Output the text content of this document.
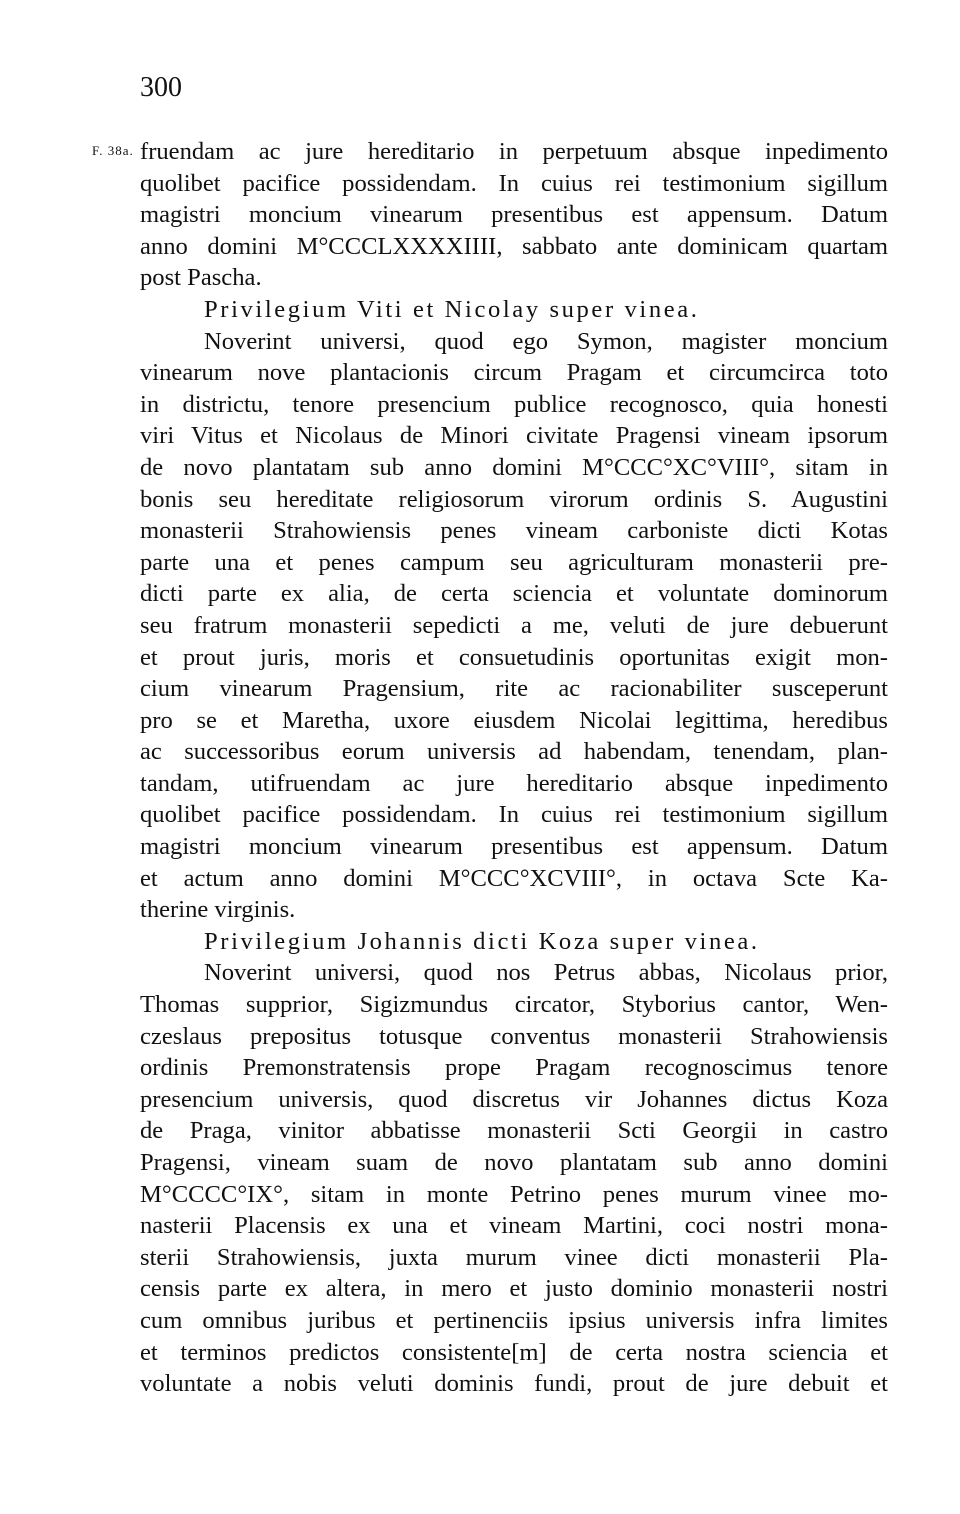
300
F. 38a. fruendam ac jure hereditario in perpetuum absque inpedimento
quolibet pacifice possidendam. In cuius rei testimonium sigillum
magistri moncium vinearum presentibus est appensum. Datum
anno domini M°CCCLXXXXIIII, sabbato ante dominicam quartam
post Pascha.
Privilegium Viti et Nicolay super vinea.
Noverint universi, quod ego Symon, magister moncium
vinearum nove plantacionis circum Pragam et circumcirca toto
in districtu, tenore presencium publice recognosco, quia honesti
viri Vitus et Nicolaus de Minori civitate Pragensi vineam ipsorum
de novo plantatam sub anno domini M°CCC°XC°VIII°, sitam in
bonis seu hereditate religiosorum virorum ordinis S. Augustini
monasterii Strahowiensis penes vineam carboniste dicti Kotas
parte una et penes campum seu agriculturam monasterii pre-
dicti parte ex alia, de certa sciencia et voluntate dominorum
seu fratrum monasterii sepedicti a me, veluti de jure debuerunt
et prout juris, moris et consuetudinis oportunitas exigit mon-
cium vinearum Pragensium, rite ac racionabiliter susceperunt
pro se et Maretha, uxore eiusdem Nicolai legittima, heredibus
ac successoribus eorum universis ad habendam, tenendam, plan-
tandam, utifruendam ac jure hereditario absque inpedimento
quolibet pacifice possidendam. In cuius rei testimonium sigillum
magistri moncium vinearum presentibus est appensum. Datum
et actum anno domini M°CCC°XCVIII°, in octava Scte Ka-
therine virginis.
Privilegium Johannis dicti Koza super vinea.
Noverint universi, quod nos Petrus abbas, Nicolaus prior,
Thomas supprior, Sigizmundus circator, Styborius cantor, Wen-
czeslaus prepositus totusque conventus monasterii Strahowiensis
ordinis Premonstratensis prope Pragam recognoscimus tenore
presencium universis, quod discretus vir Johannes dictus Koza
de Praga, vinitor abbatisse monasterii Scti Georgii in castro
Pragensi, vineam suam de novo plantatam sub anno domini
M°CCCC°IX°, sitam in monte Petrino penes murum vinee mo-
nasterii Placensis ex una et vineam Martini, coci nostri mona-
sterii Strahowiensis, juxta murum vinee dicti monasterii Pla-
censis parte ex altera, in mero et justo dominio monasterii nostri
cum omnibus juribus et pertinenciis ipsius universis infra limites
et terminos predictos consistente[m] de certa nostra sciencia et
voluntate a nobis veluti dominis fundi, prout de jure debuit et
